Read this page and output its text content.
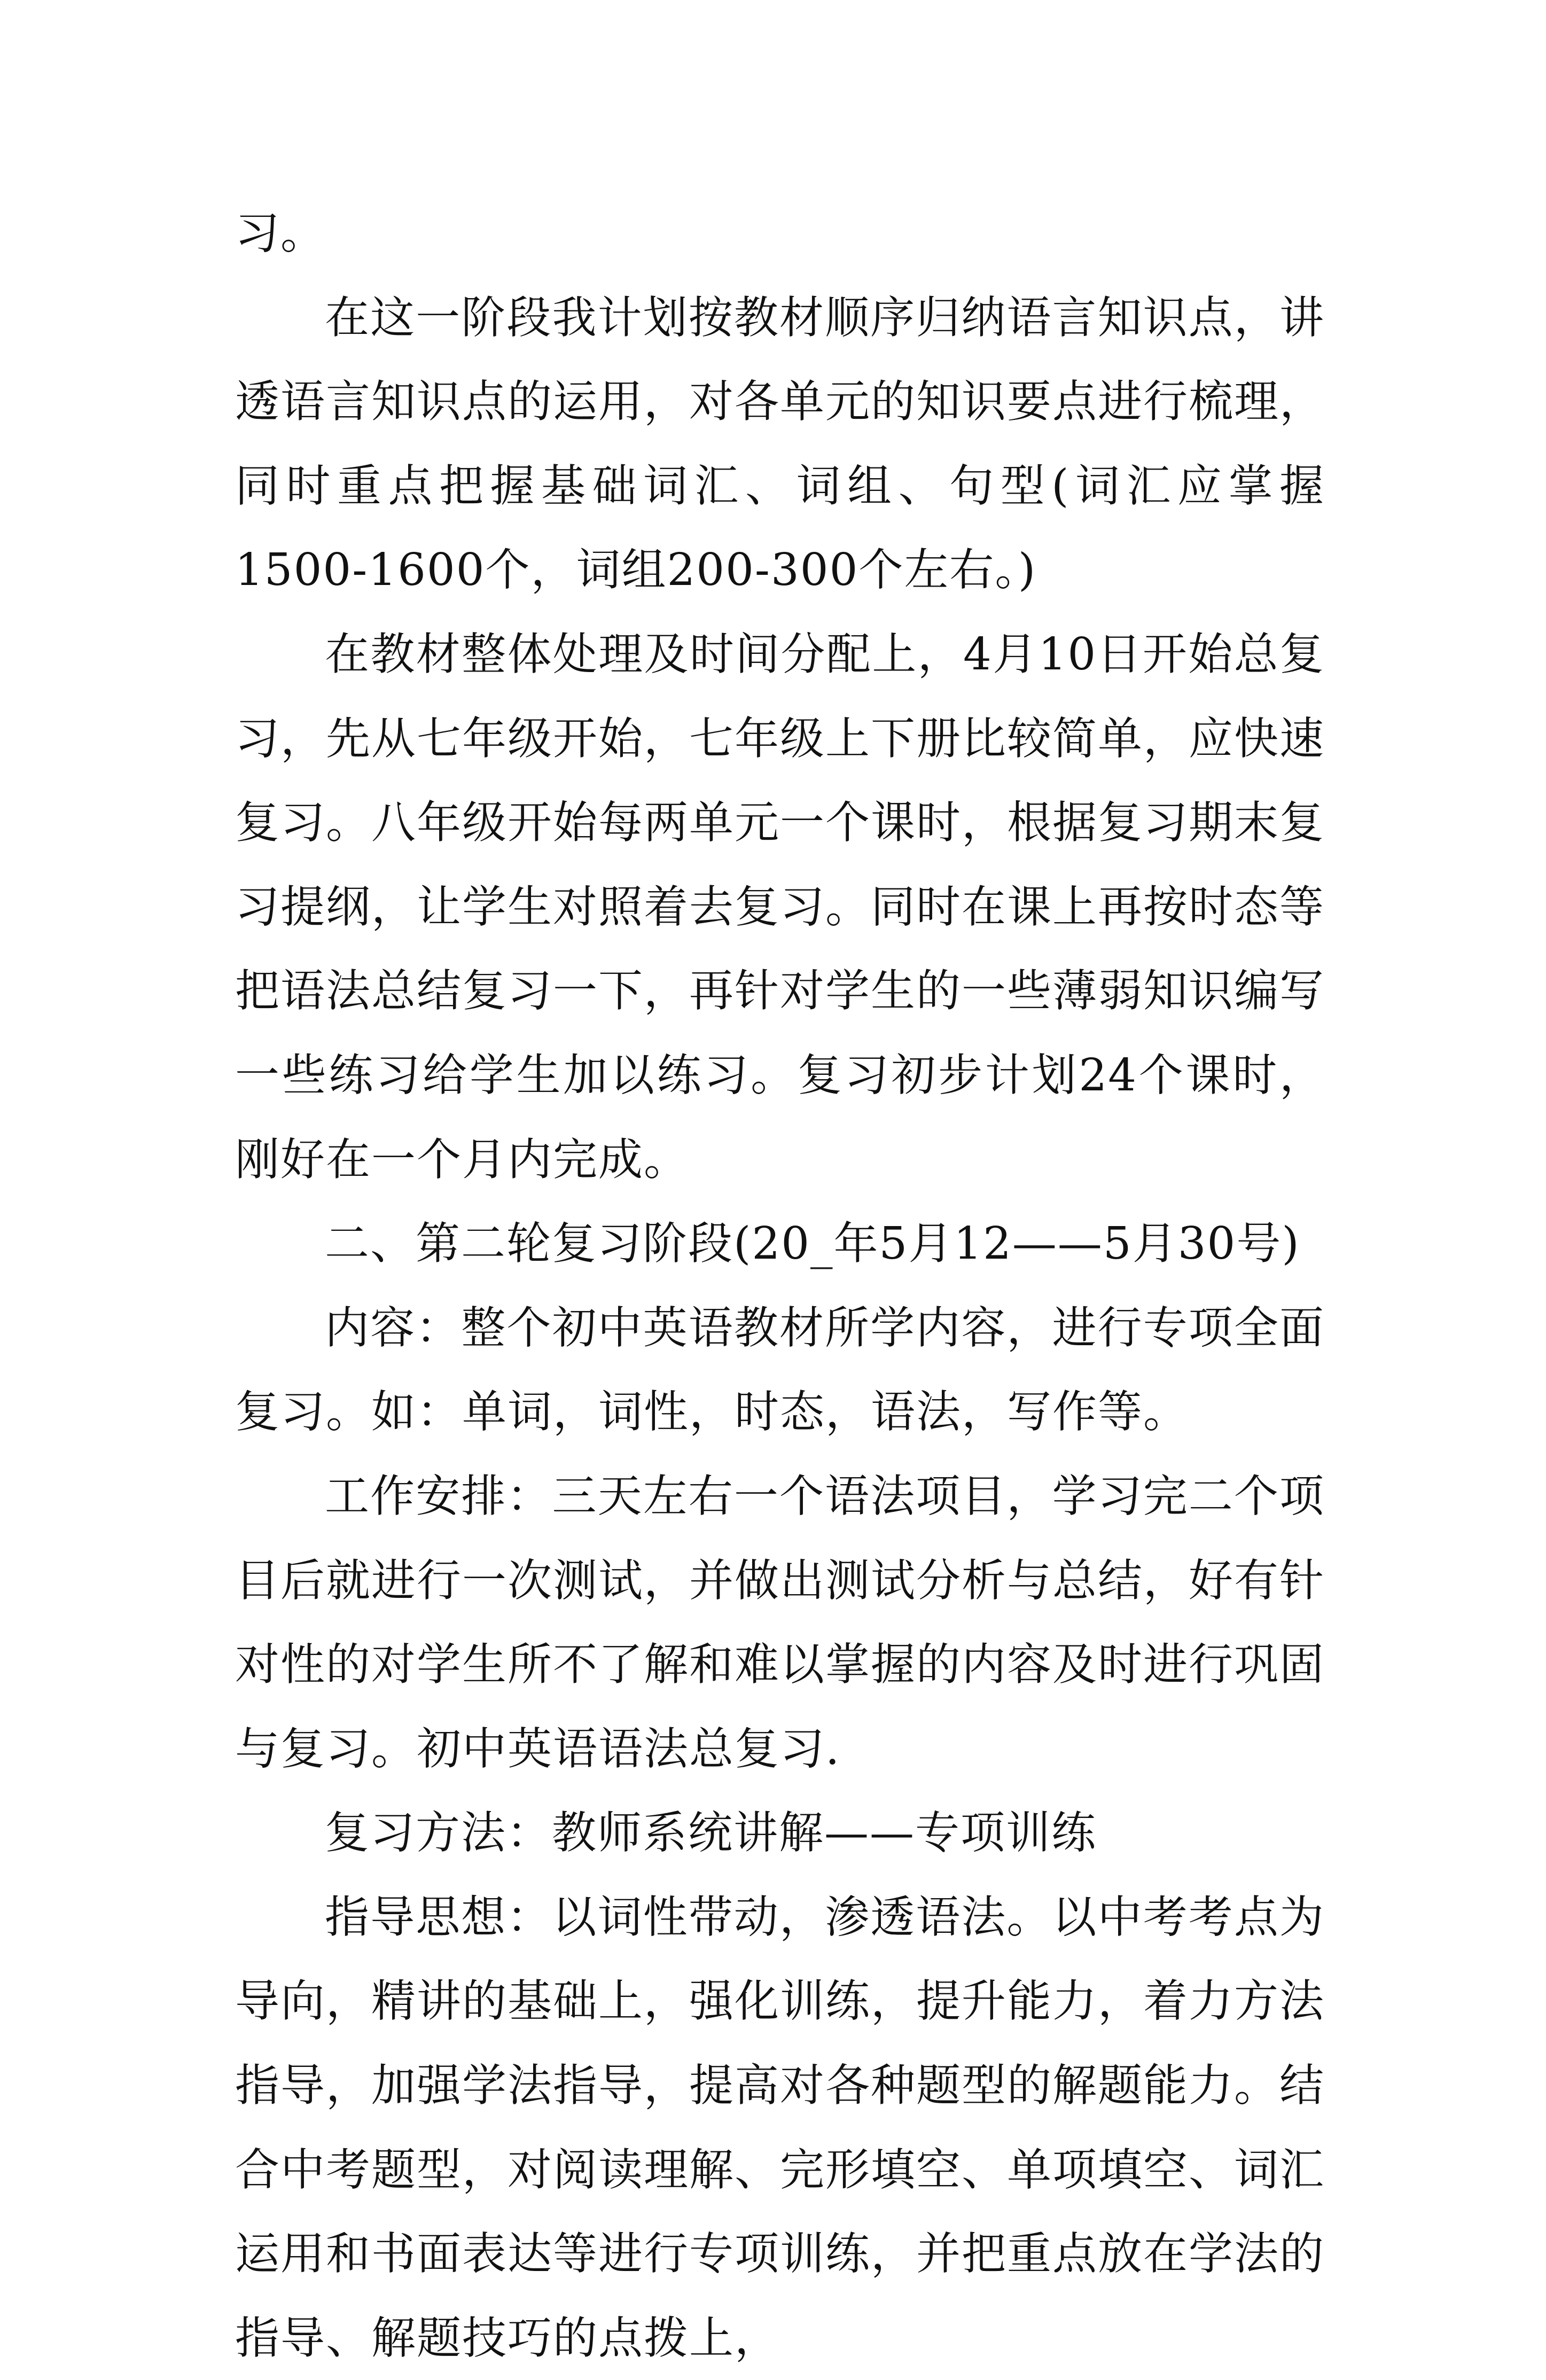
习。

在这一阶段我计划按教材顺序归纳语言知识点，讲透语言知识点的运用，对各单元的知识要点进行梳理，同时重点把握基础词汇、词组、句型(词汇应掌握1500-1600个，词组200-300个左右。)

在教材整体处理及时间分配上，4月10日开始总复习，先从七年级开始，七年级上下册比较简单，应快速复习。八年级开始每两单元一个课时，根据复习期末复习提纲，让学生对照着去复习。同时在课上再按时态等把语法总结复习一下，再针对学生的一些薄弱知识编写一些练习给学生加以练习。复习初步计划24个课时，刚好在一个月内完成。

二、第二轮复习阶段(20_年5月12——5月30号)

内容：整个初中英语教材所学内容，进行专项全面复习。如：单词，词性，时态，语法，写作等。

工作安排：三天左右一个语法项目，学习完二个项目后就进行一次测试，并做出测试分析与总结，好有针对性的对学生所不了解和难以掌握的内容及时进行巩固与复习。初中英语语法总复习.

复习方法：教师系统讲解——专项训练

指导思想：以词性带动，渗透语法。以中考考点为导向，精讲的基础上，强化训练，提升能力，着力方法指导，加强学法指导，提高对各种题型的解题能力。结合中考题型，对阅读理解、完形填空、单项填空、词汇运用和书面表达等进行专项训练，并把重点放在学法的指导、解题技巧的点拨上，
